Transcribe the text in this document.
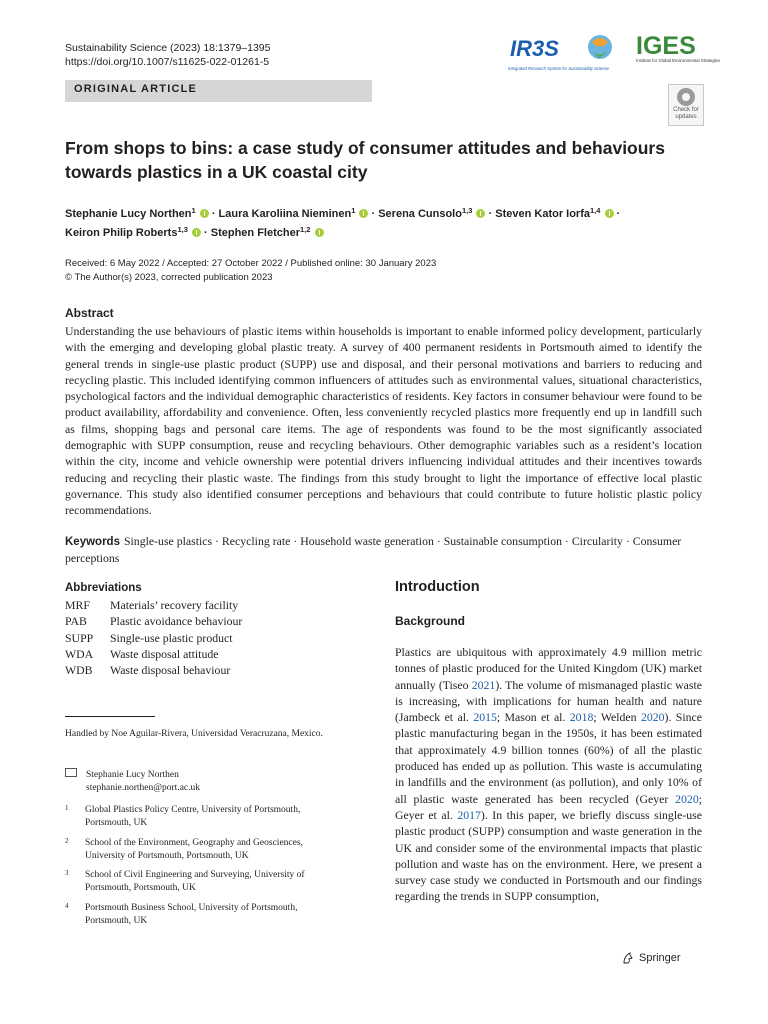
Sustainability Science (2023) 18:1379–1395
https://doi.org/10.1007/s11625-022-01261-5
ORIGINAL ARTICLE
IR3S
Integrated Research System for Sustainability Science
IGES
Institute for Global Environmental Strategies
Check for updates
From shops to bins: a case study of consumer attitudes and behaviours towards plastics in a UK coastal city
Stephanie Lucy Northen$^1$  · Laura Karoliina Nieminen$^1$  · Serena Cunsolo$^{1,3}$  · Steven Kator Iorfa$^{1,4}$  ·
Keiron Philip Roberts$^{1,3}$  · Stephen Fletcher$^{1,2}$
Received: 6 May 2022 / Accepted: 27 October 2022 / Published online: 30 January 2023
© The Author(s) 2023, corrected publication 2023
Abstract
Understanding the use behaviours of plastic items within households is important to enable informed policy development, particularly with the emerging and developing global plastic treaty. A survey of 400 permanent residents in Portsmouth aimed to identify the general trends in single-use plastic product (SUPP) use and disposal, and their personal motivations and barriers to reducing and recycling plastic. This included identifying common influencers of attitudes such as environmental values, situational characteristics, psychological factors and the individual demographic characteristics of residents. Key factors in consumer behaviour were found to be product availability, affordability and convenience. Often, less conveniently recycled plastics more frequently end up in landfill such as films, shopping bags and personal care items. The age of respondents was found to be the most significantly associated demographic with SUPP consumption, reuse and recycling behaviours. Other demographic variables such as a resident’s location within the city, income and vehicle ownership were potential drivers influencing individual attitudes and their incentives towards reducing and recycling their plastic waste. The findings from this study brought to light the importance of effective local plastic governance. This study also identified consumer perceptions and behaviours that could contribute to future holistic plastic policy recommendations.
Keywords Single-use plastics · Recycling rate · Household waste generation · Sustainable consumption · Circularity · Consumer perceptions
Abbreviations
MRF	Materials’ recovery facility
PAB	Plastic avoidance behaviour
SUPP	Single-use plastic product
WDA	Waste disposal attitude
WDB	Waste disposal behaviour
Handled by Noe Aguilar-Rivera, Universidad Veracruzana, Mexico.
Stephanie Lucy Northen
stephanie.northen@port.ac.uk
1	Global Plastics Policy Centre, University of Portsmouth, Portsmouth, UK
2	School of the Environment, Geography and Geosciences, University of Portsmouth, Portsmouth, UK
3	School of Civil Engineering and Surveying, University of Portsmouth, Portsmouth, UK
4	Portsmouth Business School, University of Portsmouth, Portsmouth, UK
Introduction
Background
Plastics are ubiquitous with approximately 4.9 million metric tonnes of plastic produced for the United Kingdom (UK) market annually (Tiseo 2021). The volume of mismanaged plastic waste is increasing, with implications for human health and nature (Jambeck et al. 2015; Mason et al. 2018; Welden 2020). Since plastic manufacturing began in the 1950s, it has been estimated that approximately 4.9 billion tonnes (60%) of all the plastic produced has ended up as pollution. This waste is accumulating in landfills and the environment (as pollution), and only 10% of all plastic waste generated has been recycled (Geyer 2020; Geyer et al. 2017). In this paper, we briefly discuss single-use plastic product (SUPP) consumption and waste generation in the UK and consider some of the environmental impacts that plastic pollution and waste has on the environment. Here, we present a survey case study we conducted in Portsmouth and our findings regarding the trends in SUPP consumption,
Springer
